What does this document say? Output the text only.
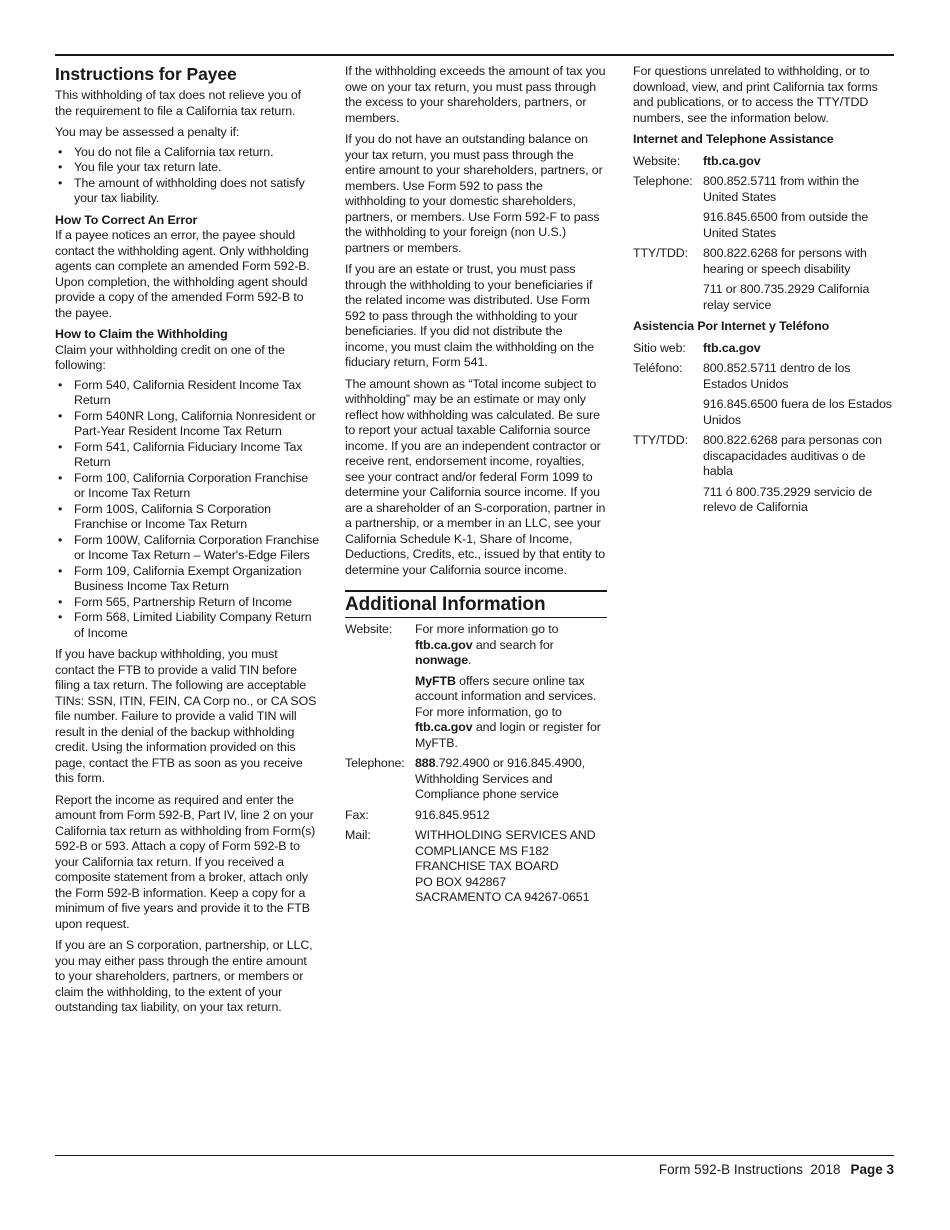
Instructions for Payee

This withholding of tax does not relieve you of the requirement to file a California tax return.

You may be assessed a penalty if:

• You do not file a California tax return.
• You file your tax return late.
• The amount of withholding does not satisfy your tax liability.
How To Correct An Error

If a payee notices an error, the payee should contact the withholding agent. Only withholding agents can complete an amended Form 592-B. Upon completion, the withholding agent should provide a copy of the amended Form 592-B to the payee.

How to Claim the Withholding

Claim your withholding credit on one of the following:

• Form 540, California Resident Income Tax Return
• Form 540NR Long, California Nonresident or Part-Year Resident Income Tax Return
• Form 541, California Fiduciary Income Tax Return
• Form 100, California Corporation Franchise or Income Tax Return
• Form 100S, California S Corporation Franchise or Income Tax Return
• Form 100W, California Corporation Franchise or Income Tax Return – Water's-Edge Filers
• Form 109, California Exempt Organization Business Income Tax Return
• Form 565, Partnership Return of Income
• Form 568, Limited Liability Company Return of Income

If you have backup withholding, you must contact the FTB to provide a valid TIN before filing a tax return. The following are acceptable TINs: SSN, ITIN, FEIN, CA Corp no., or CA SOS file number. Failure to provide a valid TIN will result in the denial of the backup withholding credit. Using the information provided on this page, contact the FTB as soon as you receive this form.

Report the income as required and enter the amount from Form 592-B, Part IV, line 2 on your California tax return as withholding from Form(s) 592-B or 593. Attach a copy of Form 592-B to your California tax return. If you received a composite statement from a broker, attach only the Form 592-B information. Keep a copy for a minimum of five years and provide it to the FTB upon request.

If you are an S corporation, partnership, or LLC, you may either pass through the entire amount to your shareholders, partners, or members or claim the withholding, to the extent of your outstanding tax liability, on your tax return.

If the withholding exceeds the amount of tax you owe on your tax return, you must pass through the excess to your shareholders, partners, or members.

If you do not have an outstanding balance on your tax return, you must pass through the entire amount to your shareholders, partners, or members. Use Form 592 to pass the withholding to your domestic shareholders, partners, or members. Use Form 592-F to pass the withholding to your foreign (non U.S.) partners or members.

If you are an estate or trust, you must pass through the withholding to your beneficiaries if the related income was distributed. Use Form 592 to pass through the withholding to your beneficiaries. If you did not distribute the income, you must claim the withholding on the fiduciary return, Form 541.

The amount shown as “Total income subject to withholding” may be an estimate or may only reflect how withholding was calculated. Be sure to report your actual taxable California source income. If you are an independent contractor or receive rent, endorsement income, royalties, see your contract and/or federal Form 1099 to determine your California source income. If you are a shareholder of an S-corporation, partner in a partnership, or a member in an LLC, see your California Schedule K-1, Share of Income, Deductions, Credits, etc., issued by that entity to determine your California source income.

Additional Information
Website:	For more information go to ftb.ca.gov and search for nonwage.
MyFTB offers secure online tax account information and services. For more information, go to ftb.ca.gov and login or register for MyFTB.
Telephone: 888.792.4900 or 916.845.4900, Withholding Services and Compliance phone service
Fax:	916.845.9512
Mail:	WITHHOLDING SERVICES AND
COMPLIANCE MS F182
FRANCHISE TAX BOARD
PO BOX 942867
SACRAMENTO CA 94267-0651

For questions unrelated to withholding, or to download, view, and print California tax forms and publications, or to access the TTY/TDD numbers, see the information below.

Internet and Telephone Assistance
Website:	ftb.ca.gov
Telephone: 800.852.5711 from within the United States
916.845.6500 from outside the United States
TTY/TDD:	800.822.6268 for persons with hearing or speech disability
711 or 800.735.2929 California relay service
Asistencia Por Internet y Teléfono
Sitio web:	ftb.ca.gov
Teléfono:	800.852.5711 dentro de los Estados Unidos
916.845.6500 fuera de los Estados Unidos
TTY/TDD:	800.822.6268 para personas con discapacidades auditivas o de habla
711 ó 800.735.2929 servicio de relevo de California
Form 592-B Instructions  2018 Page 3
